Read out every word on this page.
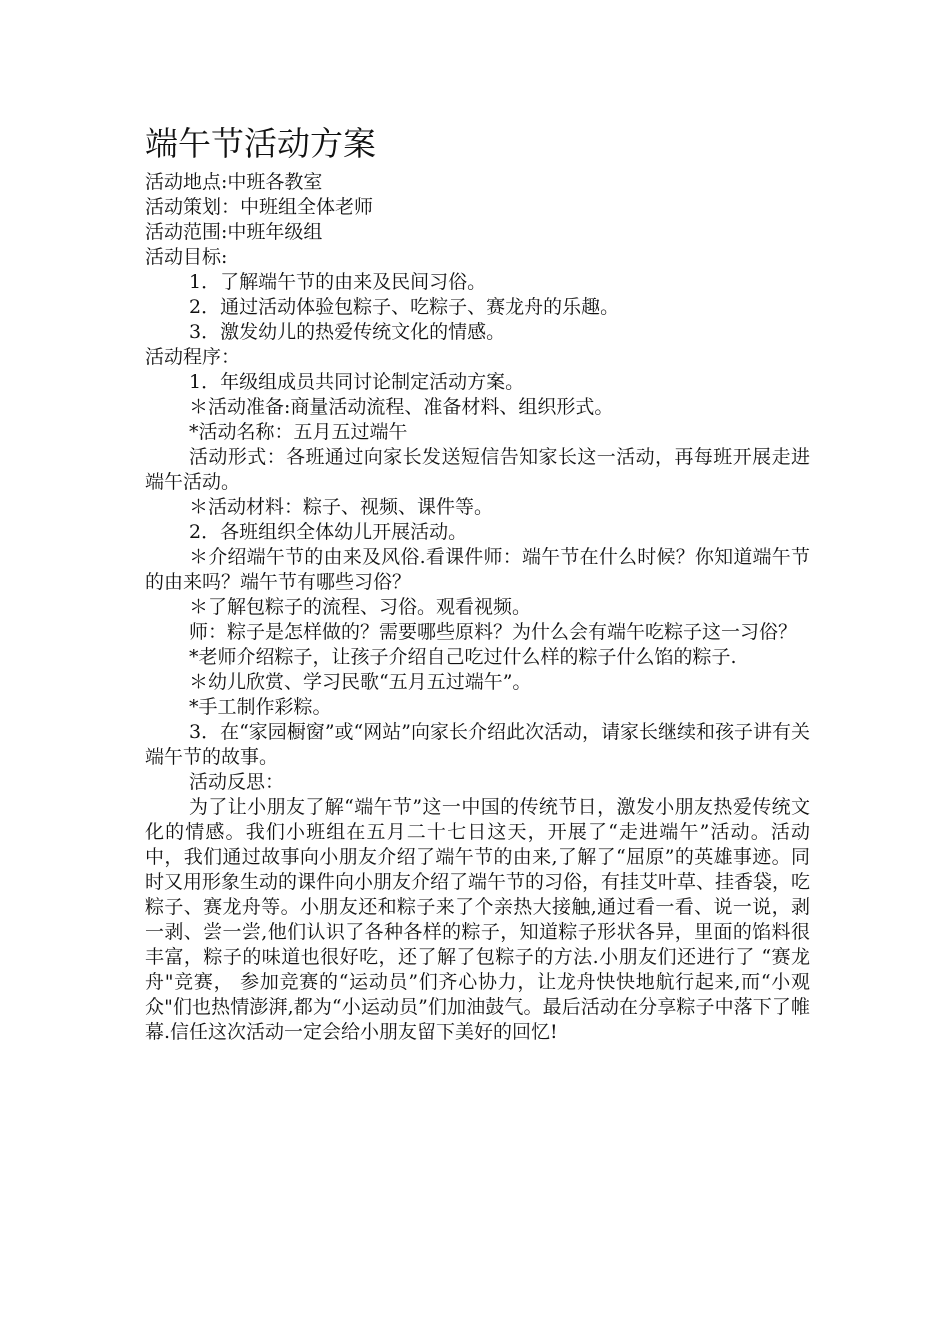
端午节活动方案

活动地点:中班各教室

活动策划：中班组全体老师

活动范围:中班年级组

活动目标:

1．了解端午节的由来及民间习俗。

2．通过活动体验包粽子、吃粽子、赛龙舟的乐趣。

3．激发幼儿的热爱传统文化的情感。

活动程序：

1．年级组成员共同讨论制定活动方案。

＊活动准备:商量活动流程、准备材料、组织形式。

*活动名称：五月五过端午

活动形式：各班通过向家长发送短信告知家长这一活动，再每班开展走进端午活动。

＊活动材料：粽子、视频、课件等。

2．各班组织全体幼儿开展活动。

＊介绍端午节的由来及风俗.看课件师：端午节在什么时候？你知道端午节的由来吗？端午节有哪些习俗？

＊了解包粽子的流程、习俗。观看视频。

师：粽子是怎样做的？需要哪些原料？为什么会有端午吃粽子这一习俗？

*老师介绍粽子，让孩子介绍自己吃过什么样的粽子什么馅的粽子.

＊幼儿欣赏、学习民歌“五月五过端午”。

*手工制作彩粽。

3．在“家园橱窗”或“网站”向家长介绍此次活动，请家长继续和孩子讲有关端午节的故事。

活动反思：

为了让小朋友了解“端午节”这一中国的传统节日，激发小朋友热爱传统文化的情感。我们小班组在五月二十七日这天，开展了“走进端午”活动。活动中，我们通过故事向小朋友介绍了端午节的由来,了解了“屈原”的英雄事迹。同时又用形象生动的课件向小朋友介绍了端午节的习俗，有挂艾叶草、挂香袋，吃粽子、赛龙舟等。小朋友还和粽子来了个亲热大接触,通过看一看、说一说，剥一剥、尝一尝,他们认识了各种各样的粽子，知道粽子形状各异，里面的馅料很丰富，粽子的味道也很好吃，还了解了包粽子的方法.小朋友们还进行了 “赛龙舟"竞赛， 参加竞赛的“运动员”们齐心协力，让龙舟快快地航行起来,而“小观众"们也热情澎湃,都为“小运动员”们加油鼓气。最后活动在分享粽子中落下了帷幕.信任这次活动一定会给小朋友留下美好的回忆!
